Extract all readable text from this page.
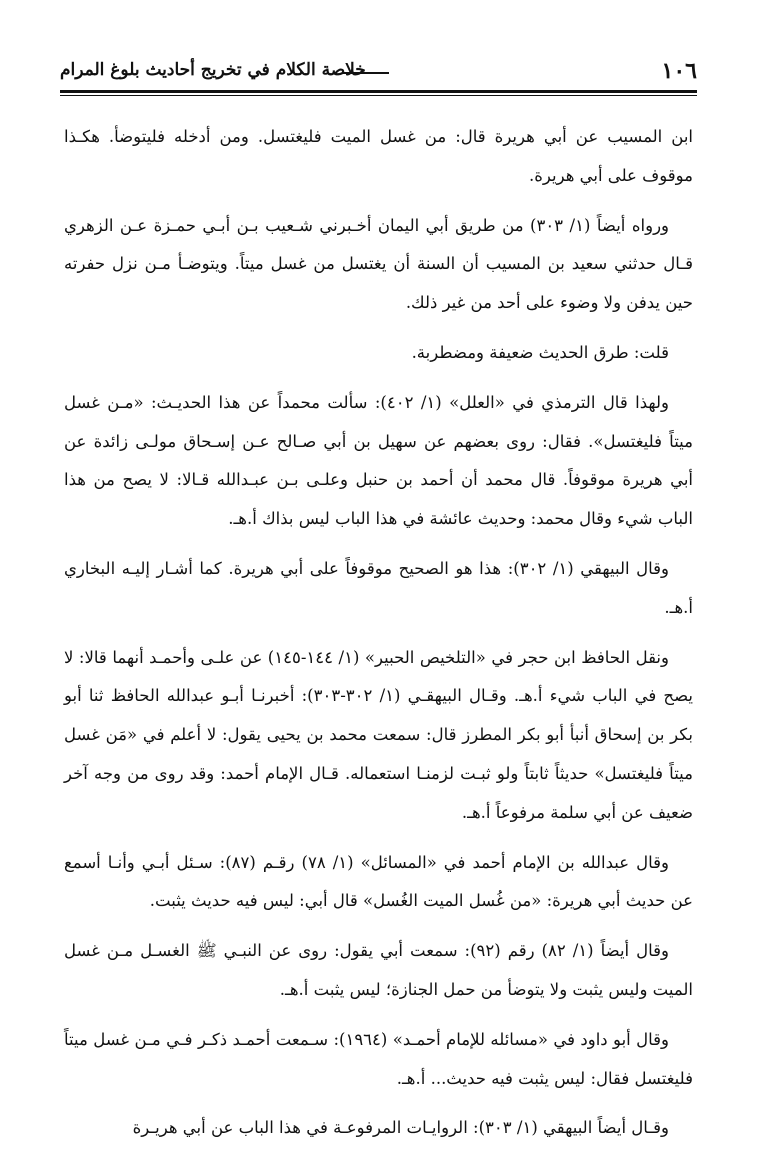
١٠٦
خلاصة الكلام في تخريج أحاديث بلوغ المرام

ابن المسيب عن أبي هريرة قال: من غسل الميت فليغتسل. ومن أدخله فليتوضأ. هكـذا موقوف على أبي هريرة.

ورواه أيضاً (١/ ٣٠٣) من طريق أبي اليمان أخـبرني شـعيب بـن أبـي حمـزة عـن الزهري قـال حدثني سعيد بن المسيب أن السنة أن يغتسل من غسل ميتاً. ويتوضـأ مـن نزل حفرته حين يدفن ولا وضوء على أحد من غير ذلك.

قلت: طرق الحديث ضعيفة ومضطربة.

ولهذا قال الترمذي في «العلل» (١/ ٤٠٢): سألت محمداً عن هذا الحديـث: «مـن غسل ميتاً فليغتسل». فقال: روى بعضهم عن سهيل بن أبي صـالح عـن إسـحاق مولـى زائدة عن أبي هريرة موقوفاً. قال محمد أن أحمد بن حنبل وعلـى بـن عبـدالله قـالا: لا يصح من هذا الباب شيء وقال محمد: وحديث عائشة في هذا الباب ليس بذاك أ.هـ.

وقال البيهقي (١/ ٣٠٢): هذا هو الصحيح موقوفاً على أبي هريرة. كما أشـار إليـه البخاري أ.هـ.

ونقل الحافظ ابن حجر في «التلخيص الحبير» (١/ ١٤٤-١٤٥) عن علـى وأحمـد أنهما قالا: لا يصح في الباب شيء أ.هـ. وقـال البيهقـي (١/ ٣٠٢-٣٠٣): أخبرنـا أبـو عبدالله الحافظ ثنا أبو بكر بن إسحاق أنبأ أبو بكر المطرز قال: سمعت محمد بن يحيى يقول: لا أعلم في «مَن غسل ميتاً فليغتسل» حديثاً ثابتاً ولو ثبـت لزمنـا استعماله. قـال الإمام أحمد: وقد روى من وجه آخر ضعيف عن أبي سلمة مرفوعاً أ.هـ.

وقال عبدالله بن الإمام أحمد في «المسائل» (١/ ٧٨) رقـم (٨٧): سـئل أبـي وأنـا أسمع عن حديث أبي هريرة: «من غُسل الميت الغُسل» قال أبي: ليس فيه حديث يثبت.

وقال أيضاً (١/ ٨٢) رقم (٩٢): سمعت أبي يقول: روى عن النبـي ﷺ الغسـل مـن غسل الميت وليس يثبت ولا يتوضأ من حمل الجنازة؛ ليس يثبت أ.هـ.

وقال أبو داود في «مسائله للإمام أحمـد» (١٩٦٤): سـمعت أحمـد ذكـر فـي مـن غسل ميتاً فليغتسل فقال: ليس يثبت فيه حديث... أ.هـ.

وقـال أيضاً البيهقي (١/ ٣٠٣): الروايـات المرفوعـة في هذا الباب عن أبي هريـرة
